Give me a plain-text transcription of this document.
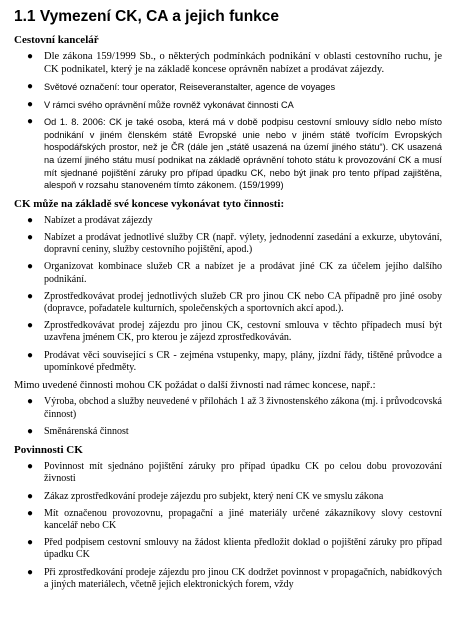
1.1 Vymezení CK, CA a jejich funkce
Cestovní kancelář
● Dle zákona 159/1999 Sb., o některých podmínkách podnikání v oblasti cestovního ruchu, je CK podnikatel, který je na základě koncese oprávněn nabízet a prodávat zájezdy.
● Světové označení: tour operator, Reiseveranstalter, agence de voyages
● V rámci svého oprávnění může rovněž vykonávat činnosti CA
● Od 1. 8. 2006: CK je také osoba, která má v době podpisu cestovní smlouvy sídlo nebo místo podnikání v jiném členském státě Evropské unie nebo v jiném státě tvořícím Evropských hospodářských prostor, než je ČR (dále jen „státě usazená na území jiného státu“). CK usazená na území jiného státu musí podnikat na základě oprávnění tohoto státu k provozování CK a musí mít sjednané pojištění záruky pro případ úpadku CK, nebo být jinak pro tento případ zajištěna, alespoň v rozsahu stanoveném tímto zákonem. (159/1999)
CK může na základě své koncese vykonávat tyto činnosti:
● Nabízet a prodávat zájezdy
● Nabízet a prodávat jednotlivé služby CR (např. výlety, jednodenní zasedání a exkurze, ubytování, dopravní ceniny, služby cestovního pojištění, apod.)
● Organizovat kombinace služeb CR a nabízet je a prodávat jiné CK za účelem jejího dalšího podnikání.
● Zprostředkovávat prodej jednotlivých služeb CR pro jinou CK nebo CA případně pro jiné osoby (dopravce, pořadatele kulturních, společenských a sportovních akcí apod.).
● Zprostředkovávat prodej zájezdu pro jinou CK, cestovní smlouva v těchto případech musí být uzavřena jménem CK, pro kterou je zájezd zprostředkováván.
● Prodávat věci související s CR - zejména vstupenky, mapy, plány, jízdní řády, tištěné průvodce a upomínkové předměty.
Mimo uvedené činnosti mohou CK požádat o další živnosti nad rámec koncese, např.:
● Výroba, obchod a služby neuvedené v přílohách 1 až 3 živnostenského zákona (mj. i průvodcovská činnost)
● Směnárenská činnost
Povinnosti CK
● Povinnost mít sjednáno pojištění záruky pro případ úpadku CK po celou dobu provozování živnosti
● Zákaz zprostředkování prodeje zájezdu pro subjekt, který není CK ve smyslu zákona
● Mít označenou provozovnu, propagační a jiné materiály určené zákazníkovy slovy cestovní kancelář nebo CK
● Před podpisem cestovní smlouvy na žádost klienta předložit doklad o pojištění záruky pro případ úpadku CK
● Při zprostředkování prodeje zájezdu pro jinou CK dodržet povinnost v propagačních, nabídkových a jiných materiálech, včetně jejich elektronických forem, vždy
